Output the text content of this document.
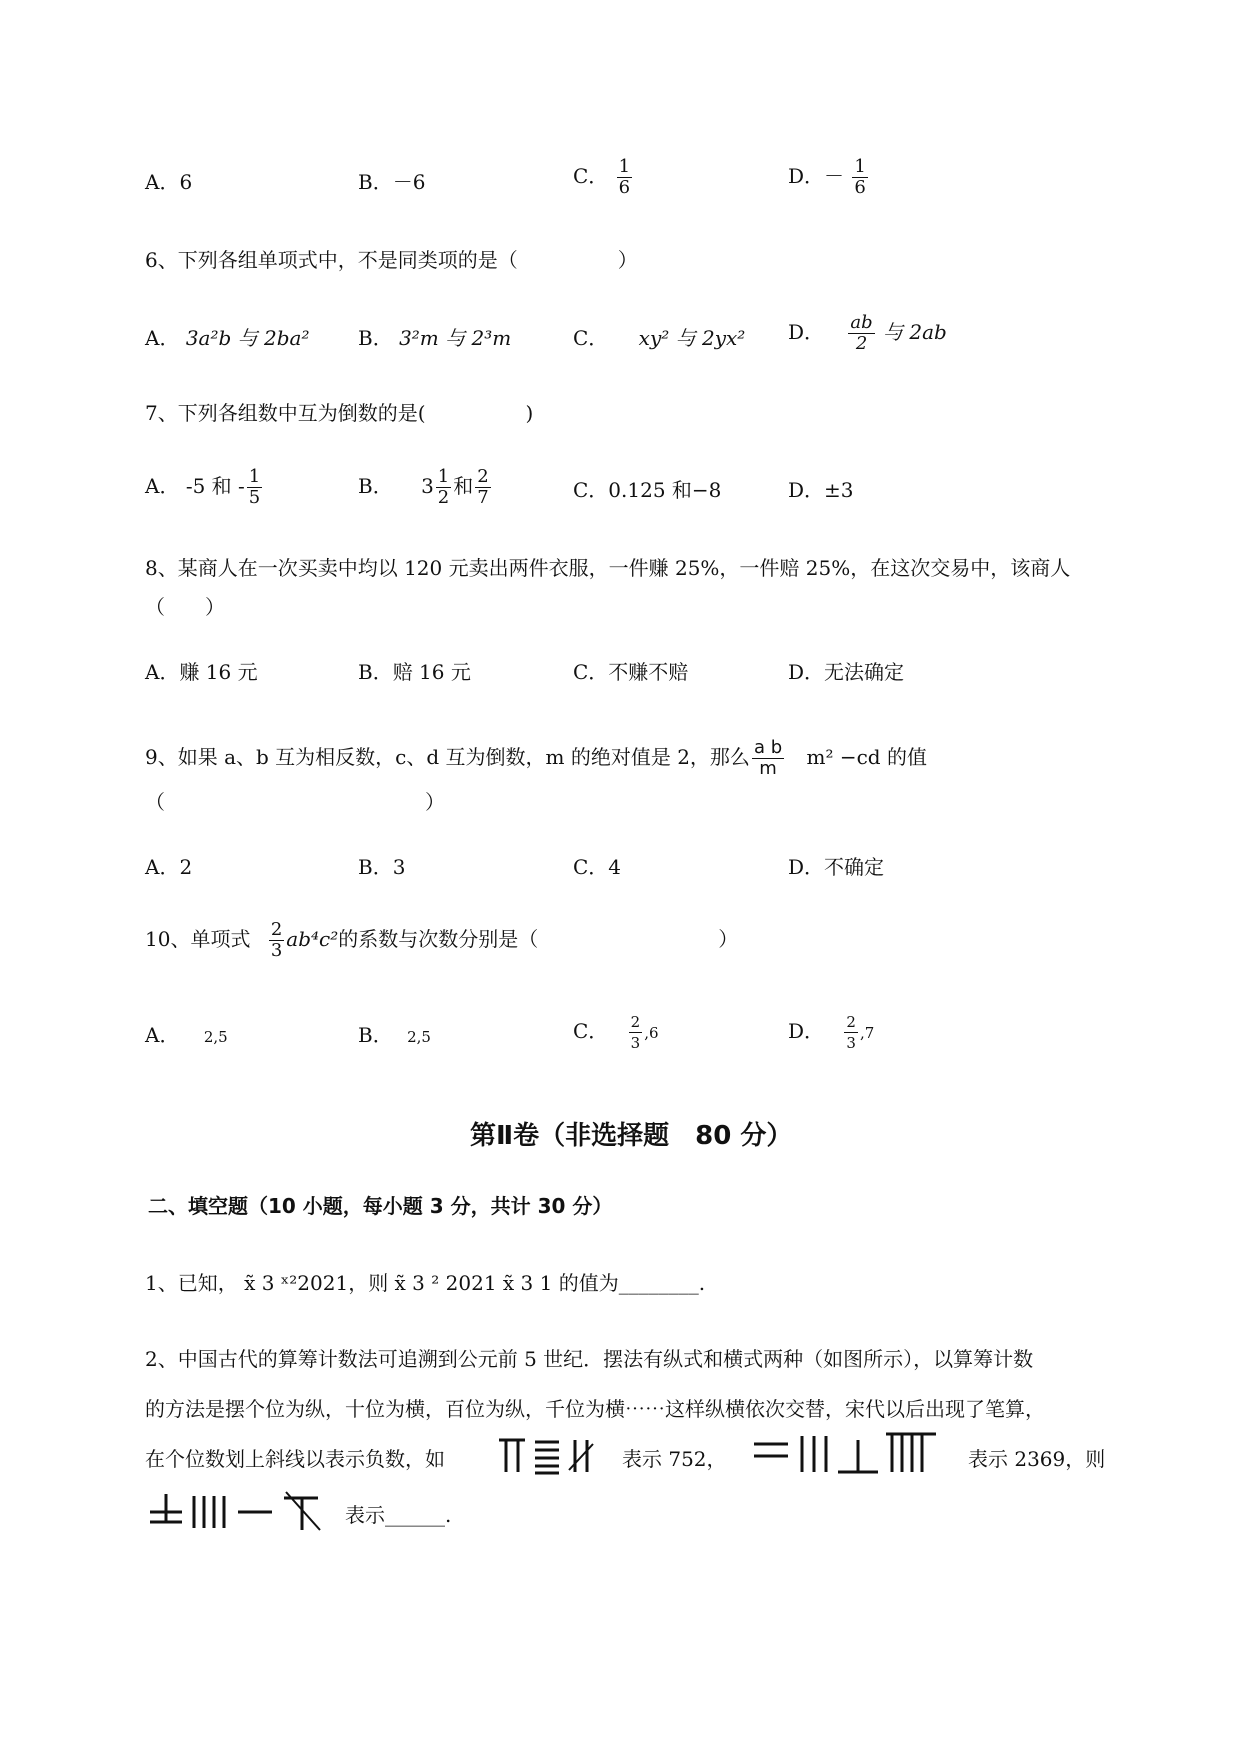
A．6	B．－6	C． $\frac{1}{6}$	D．－ $\frac{1}{6}$
6、下列各组单项式中，不是同类项的是（　　　　　）
A． 3a²b 与 2ba² B． 3²m 与 2³m	C． xy² 与 2yx² D． $\frac{ab}{2}$ 与 2ab
7、下列各组数中互为倒数的是(　　　　　)
A． -5 和 - $\frac{1}{5}$	B． $3 \frac{1}{2}$ 和 $\frac{2}{7}$	C．0.125 和−8	D．±3
8、某商人在一次买卖中均以 120 元卖出两件衣服，一件赚 25%，一件赔 25%，在这次交易中，该商人
（　　）
A．赚 16 元	B．赔 16 元	C．不赚不赔	D．无法确定
9、如果 a、b 互为相反数，c、d 互为倒数，m 的绝对值是 2，那么 $\frac{\text{a b}}{m} m^2 -cd$ 的值
（　　　　　　　　　　　　　）
A．2	B．3	C．4	D．不确定
10、单项式 $\frac{2}{3} ab^4c^2$的系数与次数分别是（　　　　　　　　　）
A． 2,5	B． 2,5	C． $\frac{2}{3} ,6$	D． $\frac{2}{3} ,7$
第Ⅱ卷（非选择题　80 分）
二、填空题（10 小题，每小题 3 分，共计 30 分）
1、已知， x̃ 3 ˣ²2021，则 x̃ 3 ² 2021 x̃ 3 1 的值为________.
2、中国古代的算筹计数法可追溯到公元前 5 世纪．摆法有纵式和横式两种（如图所示），以算筹计数
的方法是摆个位为纵，十位为横，百位为纵，千位为横⋯⋯这样纵横依次交替，宋代以后出现了笔算，
在个位数划上斜线以表示负数，如	表示 752，	表示 2369，则
表示______.
